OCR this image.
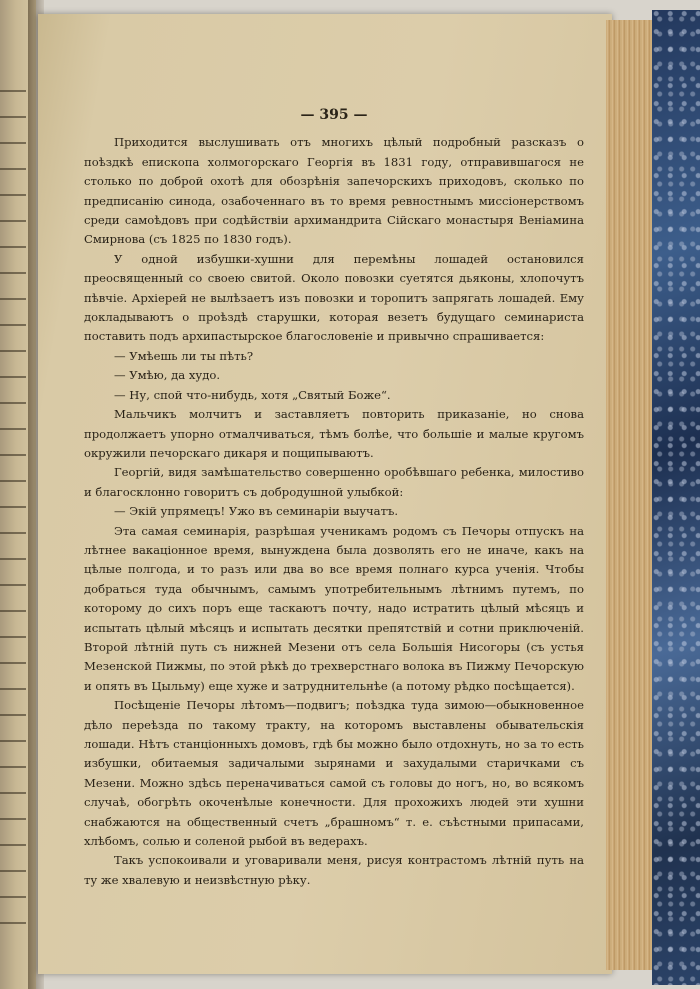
— 395 —

Приходится выслушивать отъ многихъ цѣлый подробный разсказъ о поѣздкѣ епископа холмогорскаго Георгія въ 1831 году, отправившагося не столько по доброй охотѣ для обозрѣнія запечорскихъ приходовъ, сколько по предписанію синода, озабоченнаго въ то время ревностнымъ миссіонерствомъ среди самоѣдовъ при содѣйствіи архимандрита Сійскаго монастыря Веніамина Смирнова (съ 1825 по 1830 годъ).

У одной избушки-хушни для перемѣны лошадей остановился преосвященный со своею свитой. Около повозки суетятся дьяконы, хлопочутъ пѣвчіе. Архіерей не вылѣзаетъ изъ повозки и торопитъ запрягать лошадей. Ему докладываютъ о проѣздѣ старушки, которая везетъ будущаго семинариста поставить подъ архипастырское благословеніе и привычно спрашивается:

— Умѣешь ли ты пѣть?

— Умѣю, да худо.

— Ну, спой что-нибудь, хотя „Святый Боже“.

Мальчикъ молчитъ и заставляетъ повторить приказаніе, но снова продолжаетъ упорно отмалчиваться, тѣмъ болѣе, что большіе и малые кругомъ окружили печорскаго дикаря и пощипываютъ.

Георгій, видя замѣшательство совершенно оробѣвшаго ребенка, милостиво и благосклонно говоритъ съ добродушной улыбкой:

— Экій упрямецъ! Ужо въ семинаріи выучатъ.

Эта самая семинарія, разрѣшая ученикамъ родомъ съ Печоры отпускъ на лѣтнее вакаціонное время, вынуждена была дозволять его не иначе, какъ на цѣлые полгода, и то разъ или два во все время полнаго курса ученія. Чтобы добраться туда обычнымъ, самымъ употребительнымъ лѣтнимъ путемъ, по которому до сихъ поръ еще таскаютъ почту, надо истратить цѣлый мѣсяцъ и испытать цѣлый мѣсяцъ и испытать десятки препятствій и сотни приключеній. Второй лѣтній путь съ нижней Мезени отъ села Большія Нисогоры (съ устья Мезенской Пижмы, по этой рѣкѣ до трехверстнаго волока въ Пижму Печорскую и опять въ Цыльму) еще хуже и затруднительнѣе (а потому рѣдко посѣщается).

Посѣщеніе Печоры лѣтомъ—подвигъ; поѣздка туда зимою—обыкновенное дѣло переѣзда по такому тракту, на которомъ выставлены обывательскія лошади. Нѣтъ станціонныхъ домовъ, гдѣ бы можно было отдохнуть, но за то есть избушки, обитаемыя задичалыми зырянами и захудалыми старичками съ Мезени. Можно здѣсь переначиваться самой съ головы до ногъ, но, во всякомъ случаѣ, обогрѣть окоченѣлые конечности. Для прохожихъ людей эти хушни снабжаются на общественный счетъ „брашномъ“ т. е. съѣстными припасами, хлѣбомъ, солью и соленой рыбой въ ведерахъ.

Такъ успокоивали и уговаривали меня, рисуя контрастомъ лѣтній путь на ту же хвалевую и неизвѣстную рѣку.
